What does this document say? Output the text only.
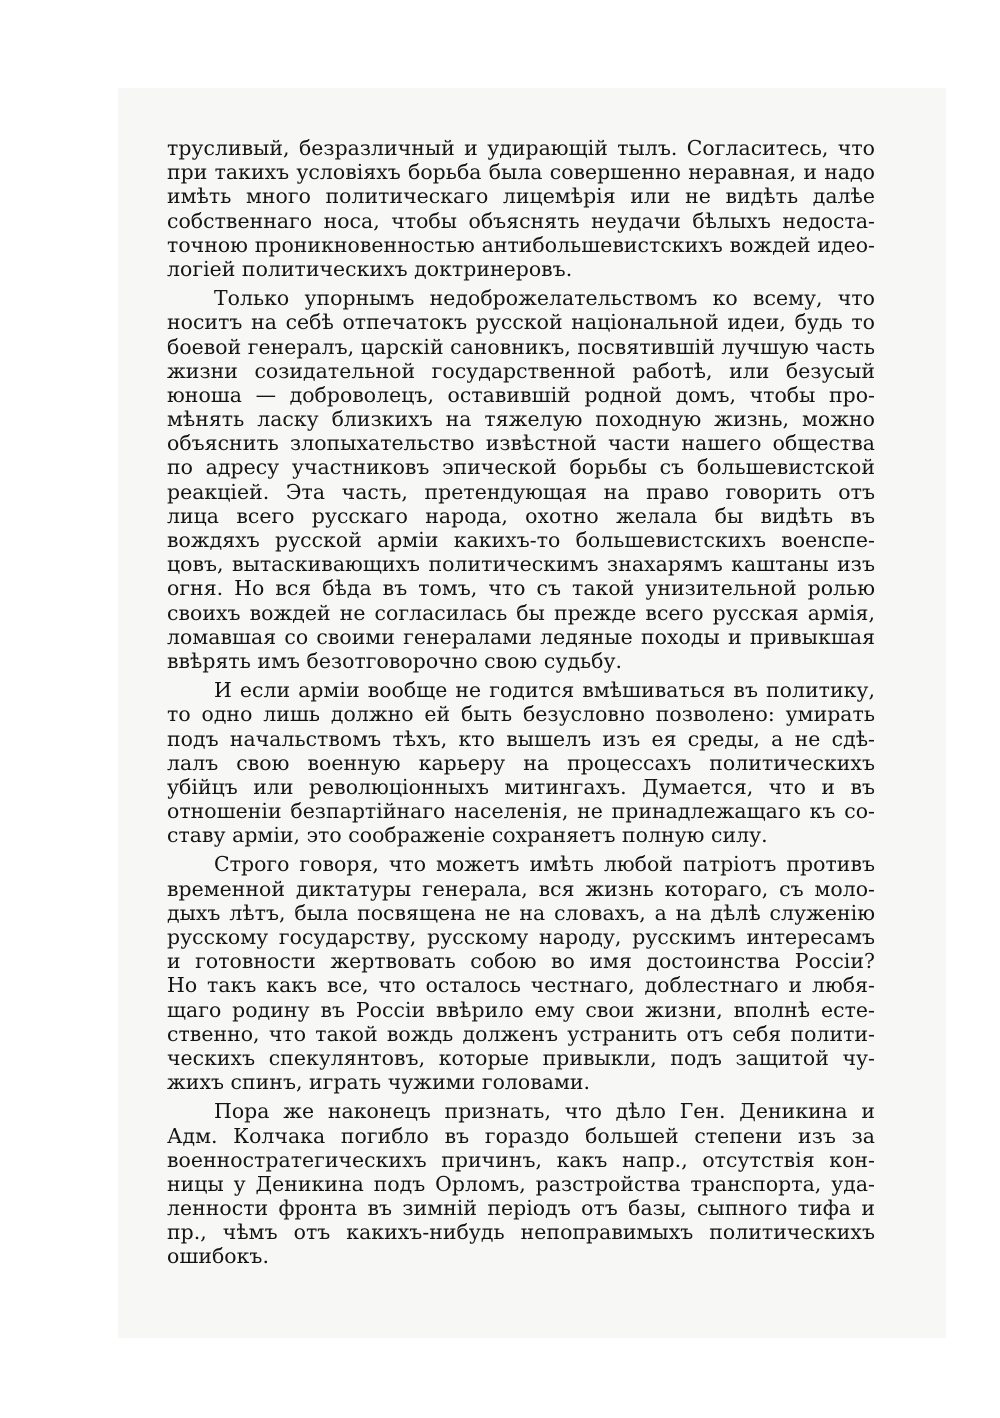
трусливый, безразличный и удирающій тылъ. Согласитесь, что
при такихъ условіяхъ борьба была совершенно неравная, и надо
имѣть много политическаго лицемѣрія или не видѣть далѣе
собственнаго носа, чтобы объяснять неудачи бѣлыхъ недоста-
точною проникновенностью антибольшевистскихъ вождей идео-
логіей политическихъ доктринеровъ.
Только упорнымъ недоброжелательствомъ ко всему, что
носитъ на себѣ отпечатокъ русской національной идеи, будь то
боевой генералъ, царскій сановникъ, посвятившій лучшую часть
жизни созидательной государственной работѣ, или безусый
юноша — доброволецъ, оставившій родной домъ, чтобы про-
мѣнять ласку близкихъ на тяжелую походную жизнь, можно
объяснить злопыхательство извѣстной части нашего общества
по адресу участниковъ эпической борьбы съ большевистской
реакціей. Эта часть, претендующая на право говорить отъ
лица всего русскаго народа, охотно желала бы видѣть въ
вождяхъ русской арміи какихъ-то большевистскихъ военспе-
цовъ, вытаскивающихъ политическимъ знахарямъ каштаны изъ
огня. Но вся бѣда въ томъ, что съ такой унизительной ролью
своихъ вождей не согласилась бы прежде всего русская армія,
ломавшая со своими генералами ледяные походы и привыкшая
ввѣрять имъ безотговорочно свою судьбу.
И если арміи вообще не годится вмѣшиваться въ политику,
то одно лишь должно ей быть безусловно позволено: умирать
подъ начальствомъ тѣхъ, кто вышелъ изъ ея среды, а не сдѣ-
лалъ свою военную карьеру на процессахъ политическихъ
убійцъ или революціонныхъ митингахъ. Думается, что и въ
отношеніи безпартійнаго населенія, не принадлежащаго къ со-
ставу арміи, это соображеніе сохраняетъ полную силу.
Строго говоря, что можетъ имѣть любой патріотъ противъ
временной диктатуры генерала, вся жизнь котораго, съ моло-
дыхъ лѣтъ, была посвящена не на словахъ, а на дѣлѣ служенію
русскому государству, русскому народу, русскимъ интересамъ
и готовности жертвовать собою во имя достоинства Россіи?
Но такъ какъ все, что осталось честнаго, доблестнаго и любя-
щаго родину въ Россіи ввѣрило ему свои жизни, вполнѣ есте-
ственно, что такой вождь долженъ устранить отъ себя полити-
ческихъ спекулянтовъ, которые привыкли, подъ защитой чу-
жихъ спинъ, играть чужими головами.
Пора же наконецъ признать, что дѣло Ген. Деникина и
Адм. Колчака погибло въ гораздо большей степени изъ за
военностратегическихъ причинъ, какъ напр., отсутствія кон-
ницы у Деникина подъ Орломъ, разстройства транспорта, уда-
ленности фронта въ зимній періодъ отъ базы, сыпного тифа и
пр., чѣмъ отъ какихъ-нибудь непоправимыхъ политическихъ
ошибокъ.
